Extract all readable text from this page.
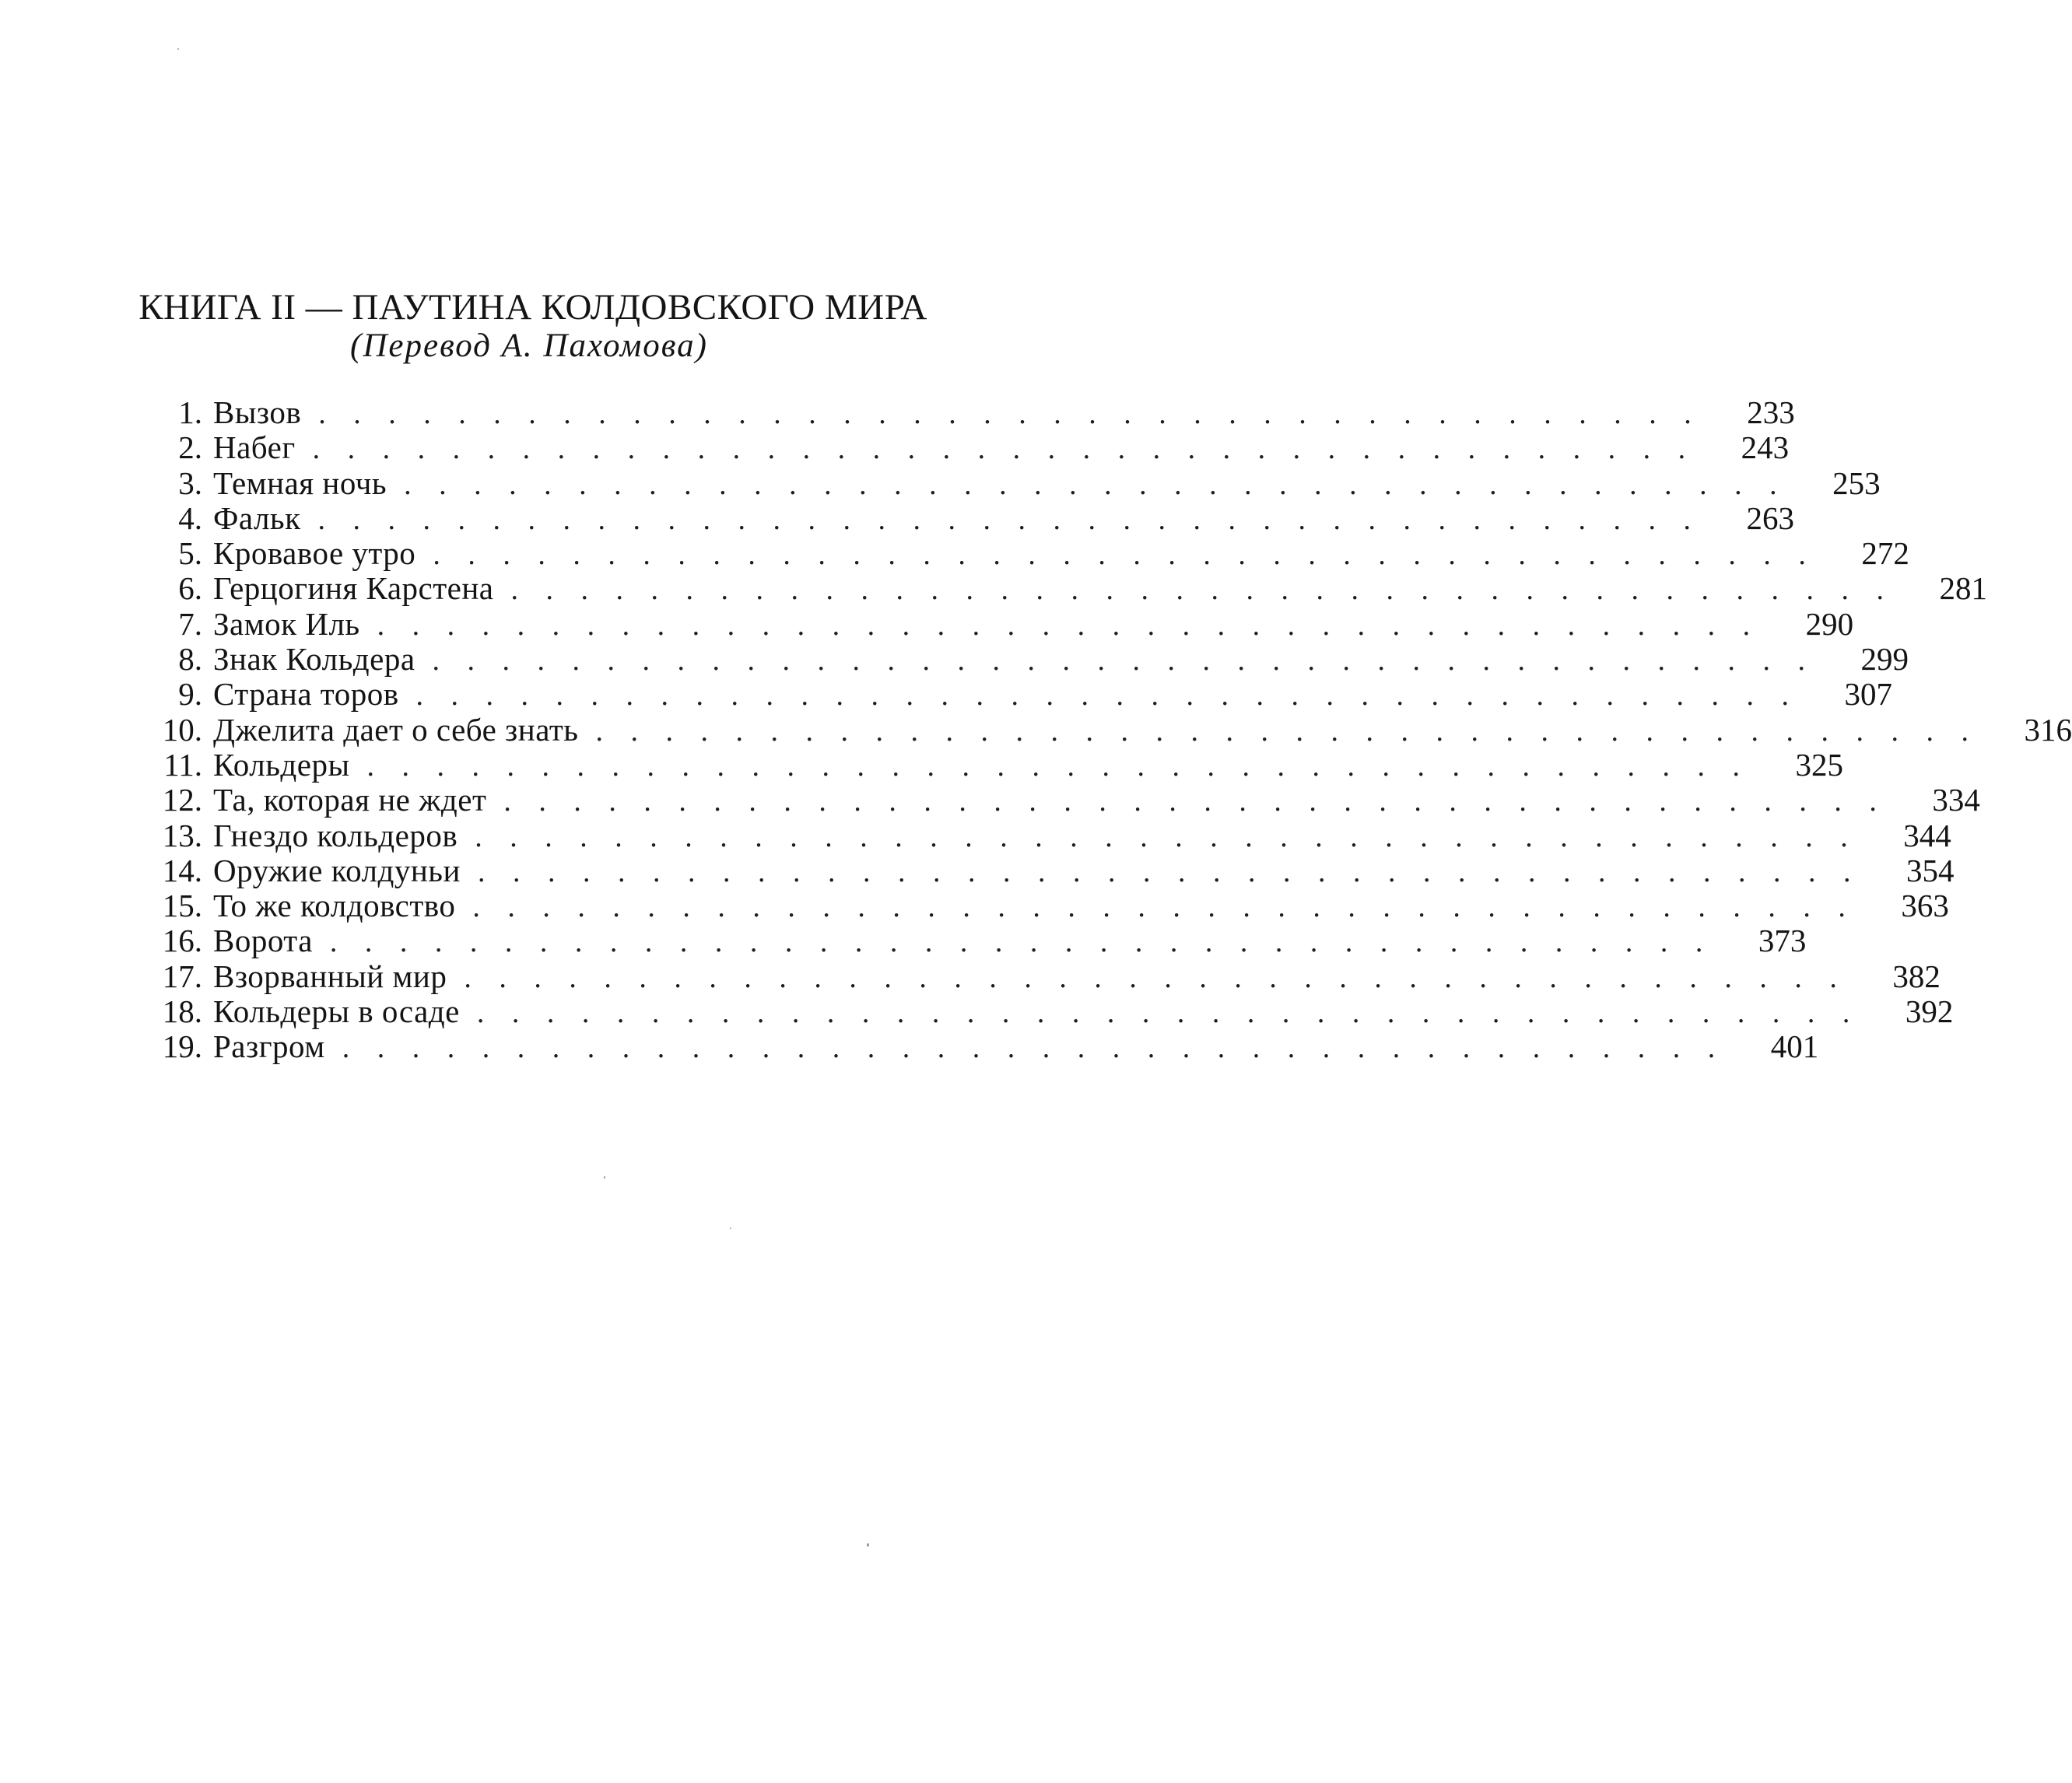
КНИГА II — ПАУТИНА КОЛДОВСКОГО МИРА
(Перевод А. Пахомова)
1. Вызов . . . . . . . . . . . . . . . . . . . . . . . . . . . . . . . . . . . . . . . .	233
2. Набег . . . . . . . . . . . . . . . . . . . . . . . . . . . . . . . . . . . . . . . .	243
3. Темная ночь . . . . . . . . . . . . . . . . . . . . . . . . . . . . . . . . . . . . . . . .	253
4. Фальк . . . . . . . . . . . . . . . . . . . . . . . . . . . . . . . . . . . . . . . .	263
5. Кровавое утро . . . . . . . . . . . . . . . . . . . . . . . . . . . . . . . . . . . . . . . .	272
6. Герцогиня Карстена . . . . . . . . . . . . . . . . . . . . . . . . . . . . . . . . . . . . . . . .	281
7. Замок Иль . . . . . . . . . . . . . . . . . . . . . . . . . . . . . . . . . . . . . . . .	290
8. Знак Кольдера . . . . . . . . . . . . . . . . . . . . . . . . . . . . . . . . . . . . . . . .	299
9. Страна торов . . . . . . . . . . . . . . . . . . . . . . . . . . . . . . . . . . . . . . . .	307
10. Джелита дает о себе знать . . . . . . . . . . . . . . . . . . . . . . . . . . . . . . . . . . . . . . . .	316
11. Кольдеры . . . . . . . . . . . . . . . . . . . . . . . . . . . . . . . . . . . . . . . .	325
12. Та, которая не ждет . . . . . . . . . . . . . . . . . . . . . . . . . . . . . . . . . . . . . . . .	334
13. Гнездо кольдеров . . . . . . . . . . . . . . . . . . . . . . . . . . . . . . . . . . . . . . . .	344
14. Оружие колдуньи . . . . . . . . . . . . . . . . . . . . . . . . . . . . . . . . . . . . . . . .	354
15. То же колдовство . . . . . . . . . . . . . . . . . . . . . . . . . . . . . . . . . . . . . . . .	363
16. Ворота . . . . . . . . . . . . . . . . . . . . . . . . . . . . . . . . . . . . . . . .	373
17. Взорванный мир . . . . . . . . . . . . . . . . . . . . . . . . . . . . . . . . . . . . . . . .	382
18. Кольдеры в осаде . . . . . . . . . . . . . . . . . . . . . . . . . . . . . . . . . . . . . . . .	392
19. Разгром . . . . . . . . . . . . . . . . . . . . . . . . . . . . . . . . . . . . . . . .	401
